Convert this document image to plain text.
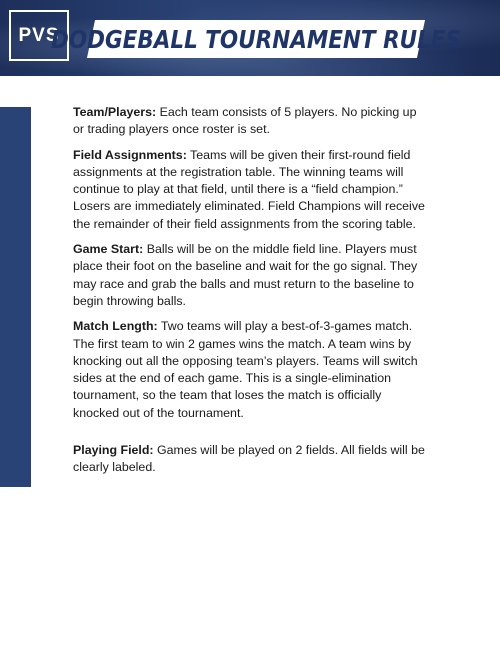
PVS
DODGEBALL TOURNAMENT RULES

Team/Players: Each team consists of 5 players. No picking up or trading players once roster is set.

Field Assignments: Teams will be given their first-round field assignments at the registration table. The winning teams will continue to play at that field, until there is a “field champion.” Losers are immediately eliminated. Field Champions will receive the remainder of their field assignments from the scoring table.

Game Start: Balls will be on the middle field line. Players must place their foot on the baseline and wait for the go signal. They may race and grab the balls and must return to the baseline to begin throwing balls.

Match Length: Two teams will play a best-of-3-games match. The first team to win 2 games wins the match. A team wins by knocking out all the opposing team’s players. Teams will switch sides at the end of each game. This is a single-elimination tournament, so the team that loses the match is officially knocked out of the tournament.

Playing Field: Games will be played on 2 fields. All fields will be clearly labeled.
